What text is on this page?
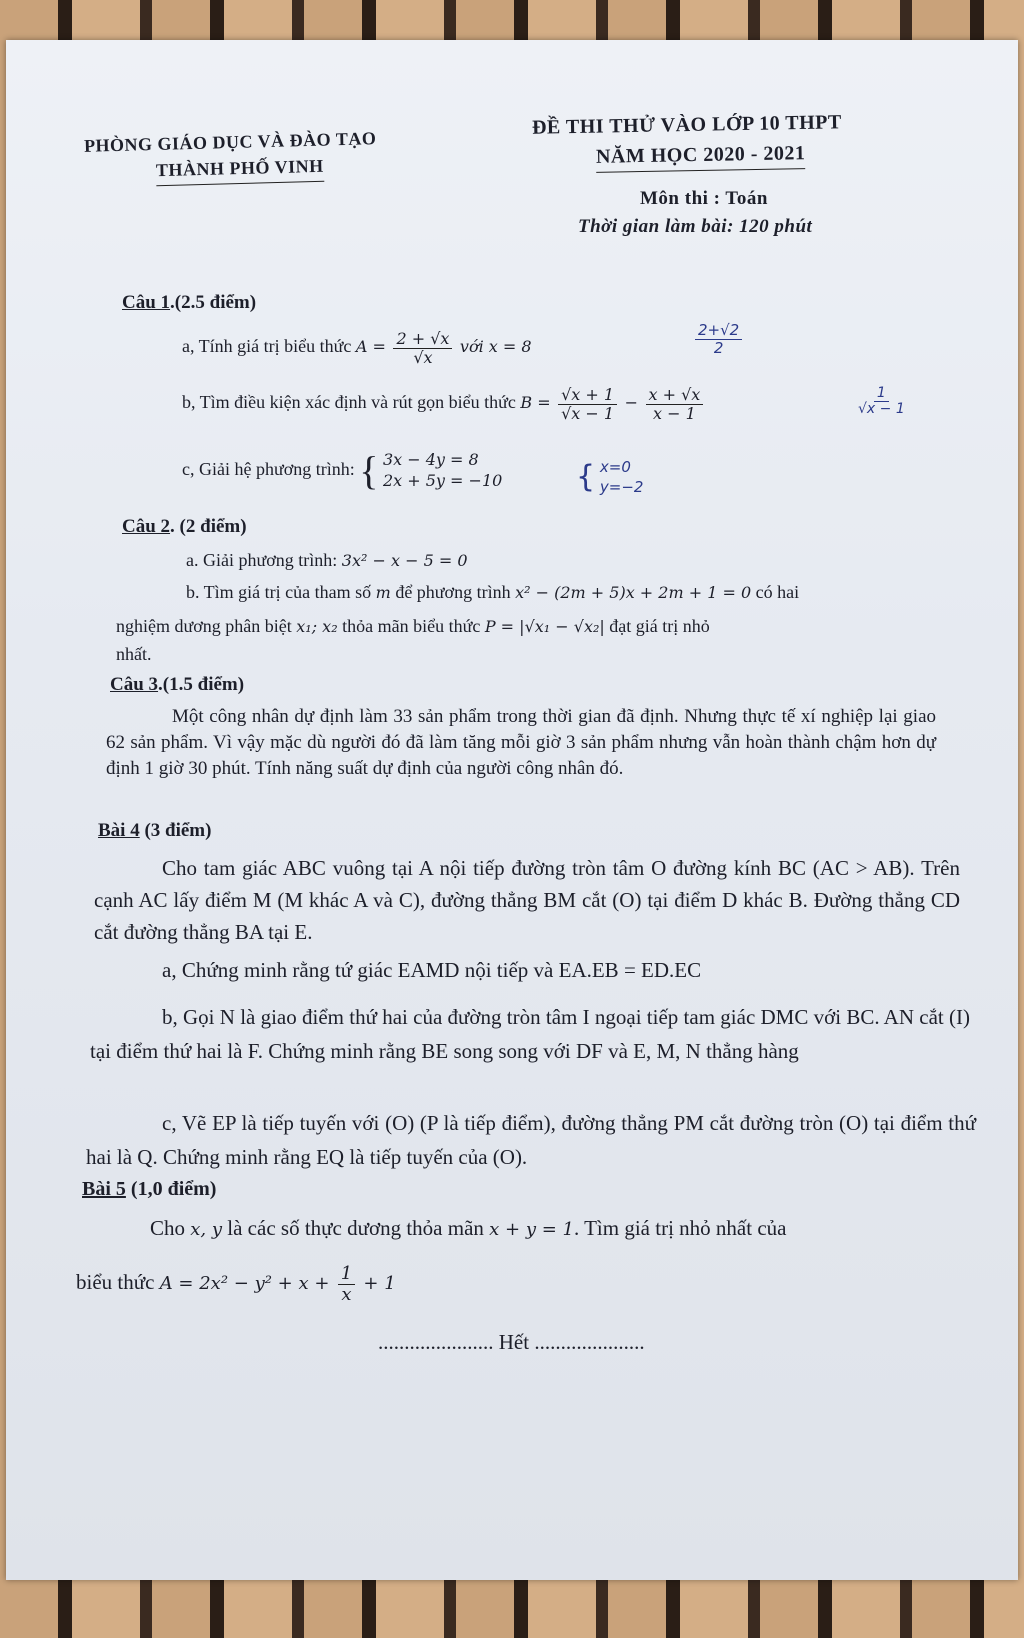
PHÒNG GIÁO DỤC VÀ ĐÀO TẠO
THÀNH PHỐ VINH
ĐỀ THI THỬ VÀO LỚP 10 THPT
NĂM HỌC 2020 - 2021
Môn thi : Toán
Thời gian làm bài: 120 phút
Câu 1.(2.5 điểm)
a, Tính giá trị biểu thức $A = \frac{2 + √x}{√x}$ với x = 8	$\frac{2+√2}{2}$
b, Tìm điều kiện xác định và rút gọn biểu thức $B = \frac{√x + 1}{√x - 1} - \frac{x + √x}{x - 1}$	$\frac{1}{√x - 1}$
c, Giải hệ phương trình: { 3x − 4y = 8
2x + 5y = −10 { x=0
y=−2
Câu 2. (2 điểm)
a. Giải phương trình: 3x² − x − 5 = 0
b. Tìm giá trị của tham số m để phương trình x² − (2m + 5)x + 2m + 1 = 0 có hai
nghiệm dương phân biệt x₁; x₂ thỏa mãn biểu thức P = |√x₁ − √x₂| đạt giá trị nhỏ
nhất.
Câu 3.(1.5 điểm)
Một công nhân dự định làm 33 sản phẩm trong thời gian đã định. Nhưng thực tế xí nghiệp lại giao 62 sản phẩm. Vì vậy mặc dù người đó đã làm tăng mỗi giờ 3 sản phẩm nhưng vẫn hoàn thành chậm hơn dự định 1 giờ 30 phút. Tính năng suất dự định của người công nhân đó.
Bài 4 (3 điểm)
Cho tam giác ABC vuông tại A nội tiếp đường tròn tâm O đường kính BC (AC > AB). Trên cạnh AC lấy điểm M (M khác A và C), đường thẳng BM cắt (O) tại điểm D khác B. Đường thẳng CD cắt đường thẳng BA tại E.
a, Chứng minh rằng tứ giác EAMD nội tiếp và EA.EB = ED.EC
b, Gọi N là giao điểm thứ hai của đường tròn tâm I ngoại tiếp tam giác DMC với BC. AN cắt (I) tại điểm thứ hai là F. Chứng minh rằng BE song song với DF và E, M, N thẳng hàng
c, Vẽ EP là tiếp tuyến với (O) (P là tiếp điểm), đường thẳng PM cắt đường tròn (O) tại điểm thứ hai là Q. Chứng minh rằng EQ là tiếp tuyến của (O).
Bài 5 (1,0 điểm)
Cho x, y là các số thực dương thỏa mãn x + y = 1. Tìm giá trị nhỏ nhất của
biểu thức $A = 2x^2 - y^2 + x + \frac{1}{x} + 1$
...................... Hết .....................
